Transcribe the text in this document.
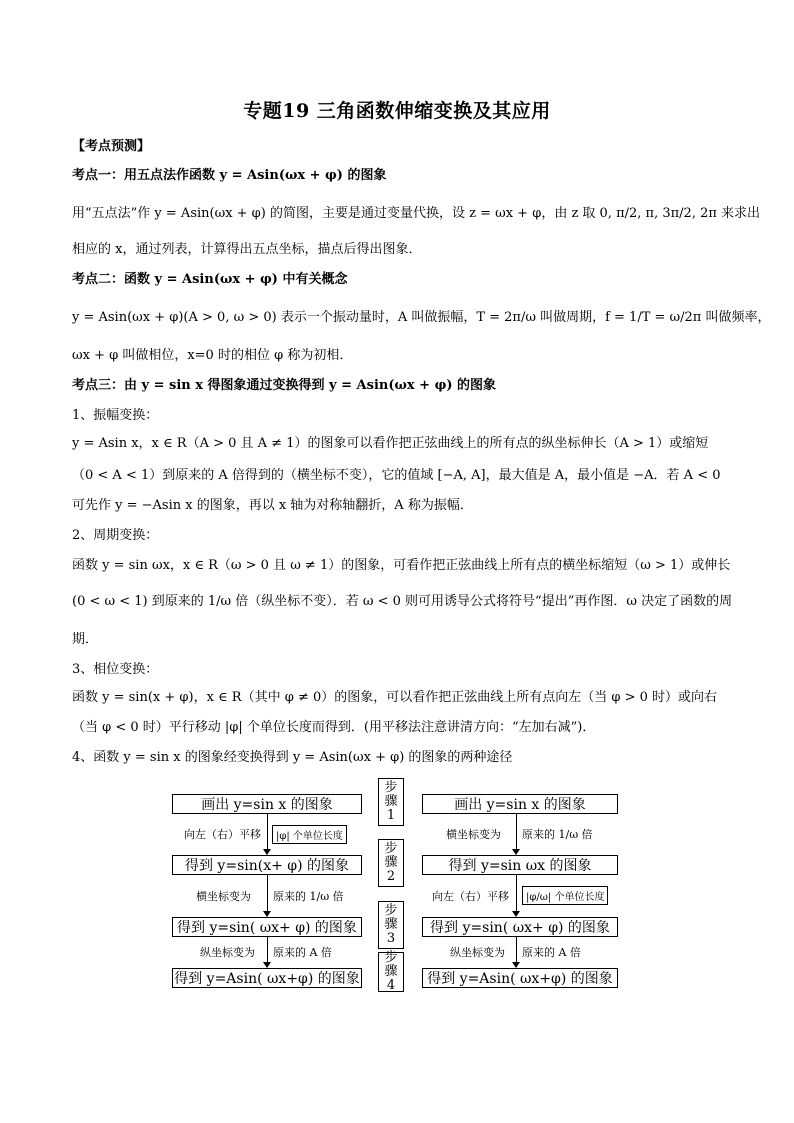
专题19 三角函数伸缩变换及其应用
【考点预测】
考点一：用五点法作函数 y = Asin(ωx + φ) 的图象
用“五点法”作 y = Asin(ωx + φ) 的简图，主要是通过变量代换，设 z = ωx + φ，由 z 取 0, π/2, π, 3π/2, 2π 来求出
相应的 x，通过列表，计算得出五点坐标，描点后得出图象．
考点二：函数 y = Asin(ωx + φ) 中有关概念
y = Asin(ωx + φ)(A > 0, ω > 0) 表示一个振动量时，A 叫做振幅，T = 2π/ω 叫做周期，f = 1/T = ω/2π 叫做频率，
ωx + φ 叫做相位，x=0 时的相位 φ 称为初相．
考点三：由 y = sin x 得图象通过变换得到 y = Asin(ωx + φ) 的图象
1、振幅变换：
y = Asin x，x ∈ R（A > 0 且 A ≠ 1）的图象可以看作把正弦曲线上的所有点的纵坐标伸长（A > 1）或缩短
（0 < A < 1）到原来的 A 倍得到的（横坐标不变），它的值域 [−A, A]，最大值是 A，最小值是 −A．若 A < 0
可先作 y = −Asin x 的图象，再以 x 轴为对称轴翻折，A 称为振幅．
2、周期变换：
函数 y = sin ωx，x ∈ R（ω > 0 且 ω ≠ 1）的图象，可看作把正弦曲线上所有点的横坐标缩短（ω > 1）或伸长
(0 < ω < 1) 到原来的 1/ω 倍（纵坐标不变）．若 ω < 0 则可用诱导公式将符号“提出”再作图．ω 决定了函数的周
期．
3、相位变换：
函数 y = sin(x + φ)，x ∈ R（其中 φ ≠ 0）的图象，可以看作把正弦曲线上所有点向左（当 φ > 0 时）或向右
（当 φ < 0 时）平行移动 |φ| 个单位长度而得到．(用平移法注意讲清方向：“左加右减”)．
4、函数 y = sin x 的图象经变换得到 y = Asin(ωx + φ) 的图象的两种途径
画出 y=sin x 的图象
得到 y=sin(x+ φ) 的图象
得到 y=sin( ωx+ φ) 的图象
得到 y=Asin( ωx+φ) 的图象
画出 y=sin x 的图象
得到 y=sin ωx 的图象
得到 y=sin( ωx+ φ) 的图象
得到 y=Asin( ωx+φ) 的图象
步
骤
1
步
骤
2
步
骤
3
步
骤
4
向左（右）平移	|φ| 个单位长度
横坐标变为 原来的 1/ω 倍
纵坐标变为 原来的 A 倍
横坐标变为 原来的 1/ω 倍
向左（右）平移	|φ/ω| 个单位长度
纵坐标变为 原来的 A 倍
